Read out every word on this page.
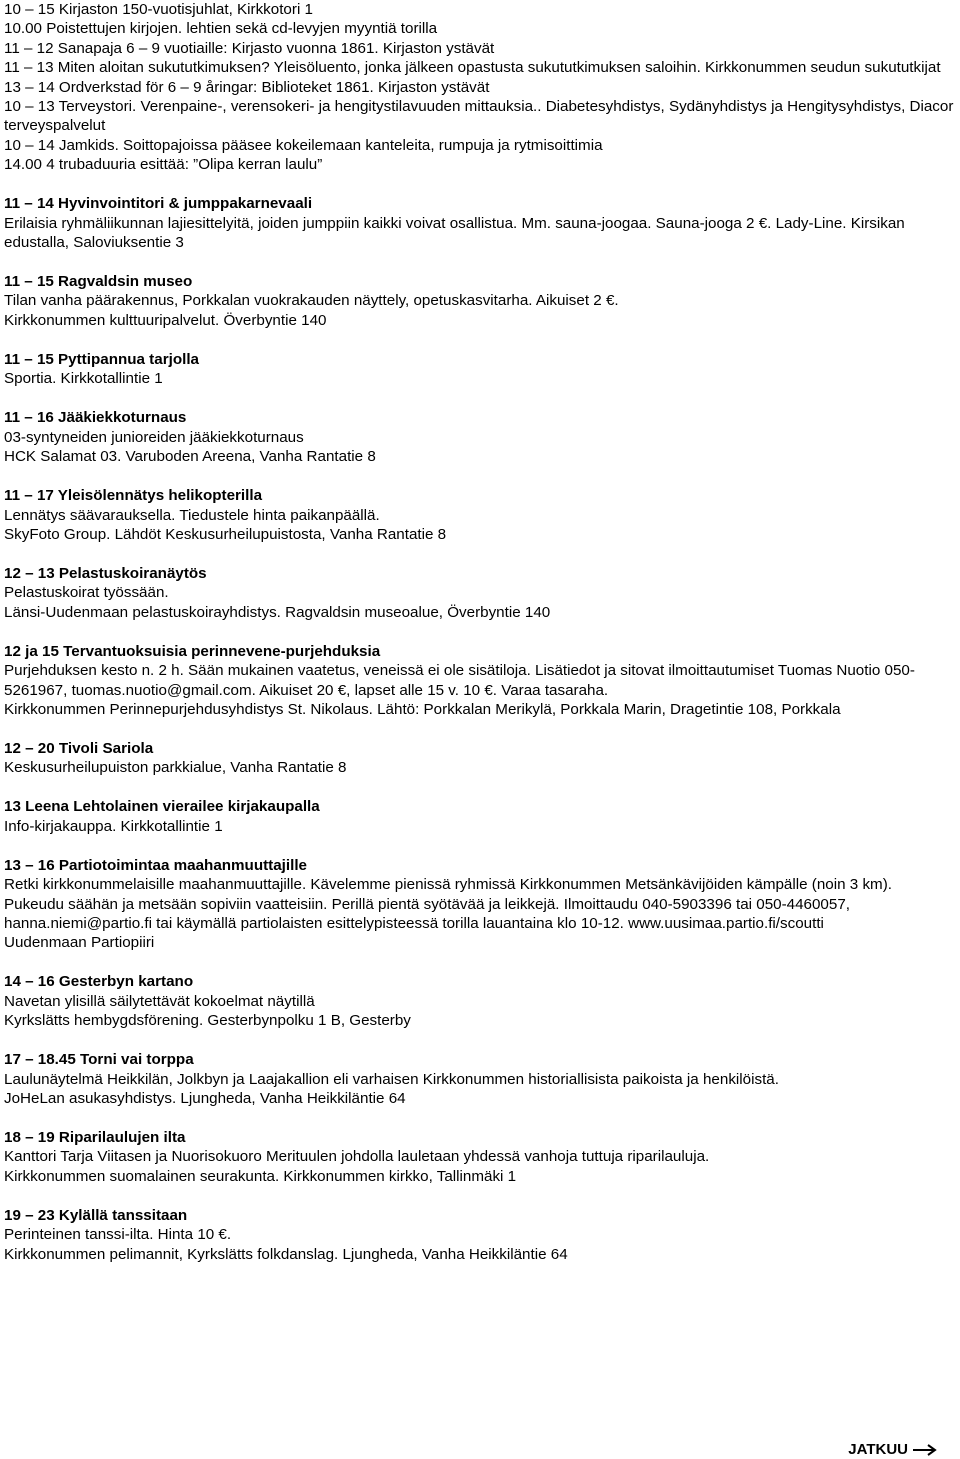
10 – 15 Kirjaston 150-vuotisjuhlat, Kirkkotori 1
10.00 Poistettujen kirjojen. lehtien sekä cd-levyjen myyntiä torilla
11 – 12 Sanapaja 6 – 9 vuotiaille: Kirjasto vuonna 1861. Kirjaston ystävät
11 – 13 Miten aloitan sukututkimuksen? Yleisöluento, jonka jälkeen opastusta sukututkimuksen saloihin. Kirkkonummen seudun sukututkijat
13 – 14 Ordverkstad för 6 – 9 åringar: Biblioteket 1861. Kirjaston ystävät
10 – 13 Terveystori. Verenpaine-, verensokeri- ja hengitystilavuuden mittauksia.. Diabetesyhdistys, Sydänyhdistys ja Hengitysyhdistys, Diacor terveyspalvelut
10 – 14 Jamkids. Soittopajoissa pääsee kokeilemaan kanteleita, rumpuja ja rytmisoittimia
14.00 4 trubaduuria esittää: ”Olipa kerran laulu”
11 – 14 Hyvinvointitori & jumppakarnevaali
Erilaisia ryhmäliikunnan lajiesittelyitä, joiden jumppiin kaikki voivat osallistua. Mm. sauna-joogaa. Sauna-jooga 2 €. Lady-Line. Kirsikan edustalla, Saloviuksentie 3
11 – 15 Ragvaldsin museo
Tilan vanha päärakennus, Porkkalan vuokrakauden näyttely, opetuskasvitarha. Aikuiset 2 €.
Kirkkonummen kulttuuripalvelut. Överbyntie 140
11 – 15 Pyttipannua tarjolla
Sportia. Kirkkotallintie 1
11 – 16 Jääkiekkoturnaus
03-syntyneiden junioreiden jääkiekkoturnaus
HCK Salamat 03. Varuboden Areena, Vanha Rantatie 8
11 – 17 Yleisölennätys helikopterilla
Lennätys säävarauksella. Tiedustele hinta paikanpäällä.
SkyFoto Group. Lähdöt Keskusurheilupuistosta, Vanha Rantatie 8
12 – 13 Pelastuskoiranäytös
Pelastuskoirat työssään.
Länsi-Uudenmaan pelastuskoirayhdistys. Ragvaldsin museoalue, Överbyntie 140
12 ja 15 Tervantuoksuisia perinnevene-purjehduksia
Purjehduksen kesto n. 2 h. Sään mukainen vaatetus, veneissä ei ole sisätiloja. Lisätiedot ja sitovat ilmoittautumiset Tuomas Nuotio 050-5261967, tuomas.nuotio@gmail.com. Aikuiset 20 €, lapset alle 15 v. 10 €. Varaa tasaraha.
Kirkkonummen Perinnepurjehdusyhdistys St. Nikolaus. Lähtö: Porkkalan Merikylä, Porkkala Marin, Dragetintie 108, Porkkala
12 – 20 Tivoli Sariola
Keskusurheilupuiston parkkialue, Vanha Rantatie 8
13 Leena Lehtolainen vierailee kirjakaupalla
Info-kirjakauppa. Kirkkotallintie 1
13 – 16 Partiotoimintaa maahanmuuttajille
Retki kirkkonummelaisille maahanmuuttajille. Kävelemme pienissä ryhmissä Kirkkonummen Metsänkävijöiden kämpälle (noin 3 km). Pukeudu säähän ja metsään sopiviin vaatteisiin. Perillä pientä syötävää ja leikkejä. Ilmoittaudu 040-5903396 tai 050-4460057, hanna.niemi@partio.fi tai käymällä partiolaisten esittelypisteessä torilla lauantaina klo 10-12. www.uusimaa.partio.fi/scoutti
Uudenmaan Partiopiiri
14 – 16 Gesterbyn kartano
Navetan ylisillä säilytettävät kokoelmat näytillä
Kyrkslätts hembygdsförening. Gesterbynpolku 1 B, Gesterby
17 – 18.45 Torni vai torppa
Laulunäytelmä Heikkilän, Jolkbyn ja Laajakallion eli varhaisen Kirkkonummen historiallisista paikoista ja henkilöistä.
JoHeLan asukasyhdistys. Ljungheda, Vanha Heikkiläntie 64
18 – 19 Riparilaulujen ilta
Kanttori Tarja Viitasen ja Nuorisokuoro Merituulen johdolla lauletaan yhdessä vanhoja tuttuja riparilauluja.
Kirkkonummen suomalainen seurakunta. Kirkkonummen kirkko, Tallinmäki 1
19 – 23 Kylällä tanssitaan
Perinteinen tanssi-ilta. Hinta 10 €.
Kirkkonummen pelimannit, Kyrkslätts folkdanslag. Ljungheda, Vanha Heikkiläntie 64
JATKUU
